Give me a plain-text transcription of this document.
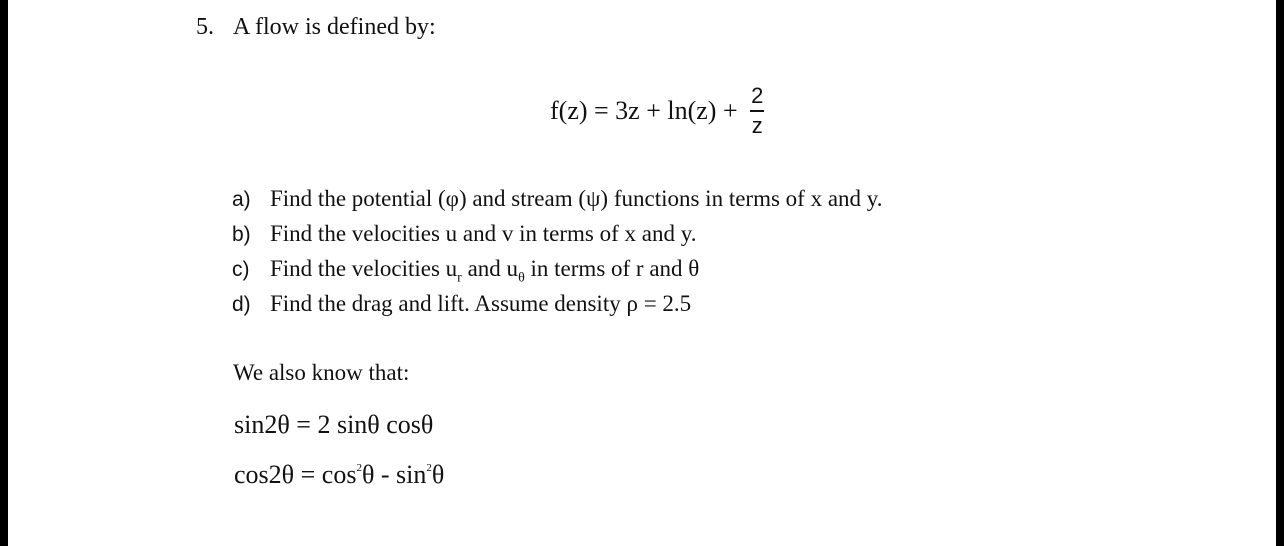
5. A flow is defined by:
$f(z) = 3z + \ln(z) + \frac{2}{z}$
a) Find the potential (φ) and stream (ψ) functions in terms of x and y.
b) Find the velocities u and v in terms of x and y.
c) Find the velocities $u_r$ and $u_\theta$ in terms of r and θ
d) Find the drag and lift. Assume density ρ = 2.5
We also know that:
sin2θ = 2 sinθ cosθ
$\cos 2\theta = \cos^2\theta - \sin^2\theta$
